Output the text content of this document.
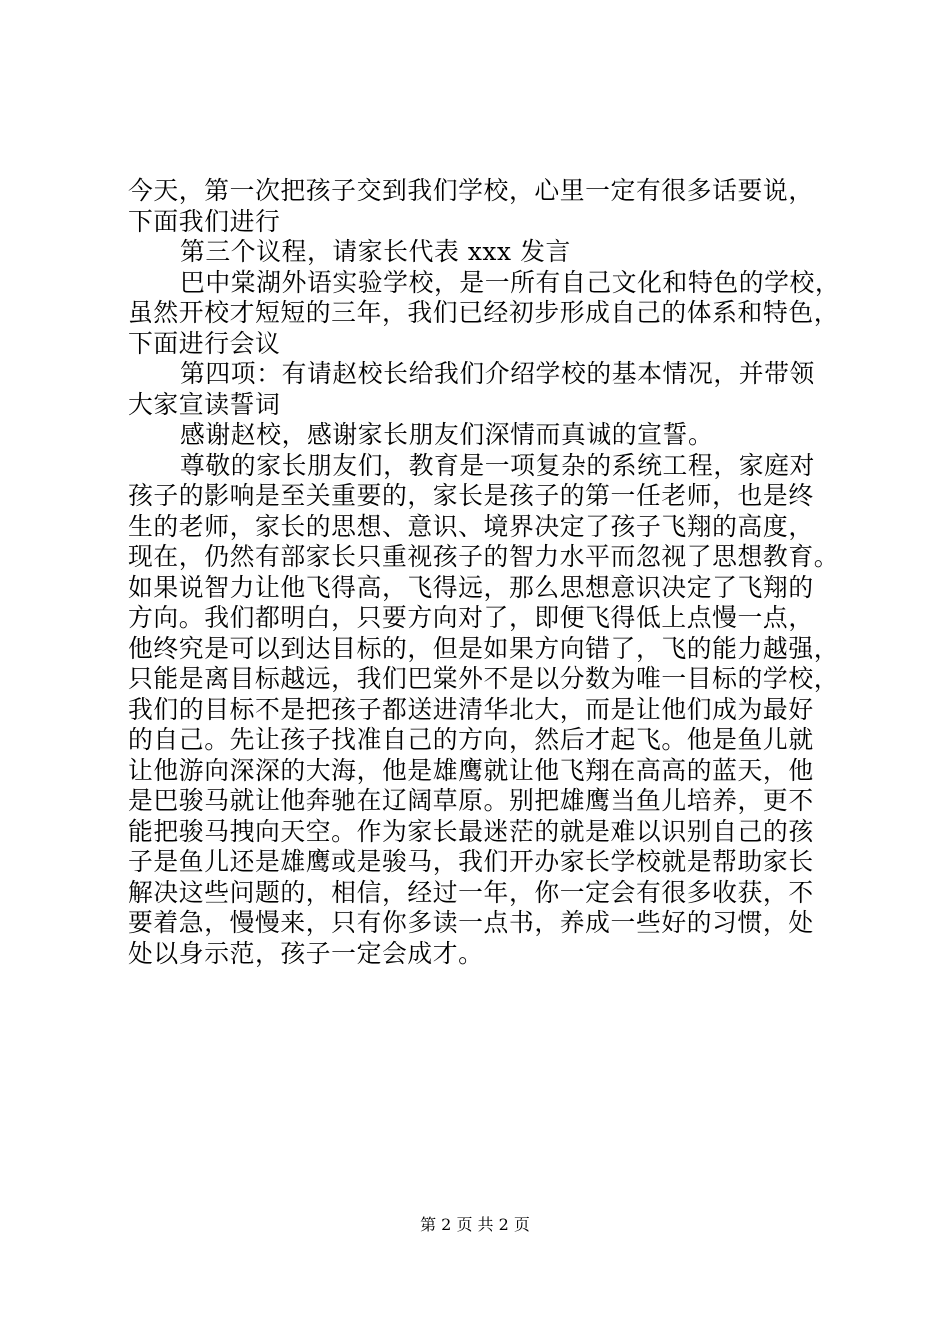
今天，第一次把孩子交到我们学校，心里一定有很多话要说，
下面我们进行
第三个议程，请家长代表 xxx 发言
巴中棠湖外语实验学校，是一所有自己文化和特色的学校，
虽然开校才短短的三年，我们已经初步形成自己的体系和特色，
下面进行会议
第四项：有请赵校长给我们介绍学校的基本情况，并带领
大家宣读誓词
感谢赵校，感谢家长朋友们深情而真诚的宣誓。
尊敬的家长朋友们，教育是一项复杂的系统工程，家庭对
孩子的影响是至关重要的，家长是孩子的第一任老师，也是终
生的老师，家长的思想、意识、境界决定了孩子飞翔的高度，
现在，仍然有部家长只重视孩子的智力水平而忽视了思想教育。
如果说智力让他飞得高，飞得远，那么思想意识决定了飞翔的
方向。我们都明白，只要方向对了，即便飞得低上点慢一点，
他终究是可以到达目标的，但是如果方向错了，飞的能力越强，
只能是离目标越远，我们巴棠外不是以分数为唯一目标的学校，
我们的目标不是把孩子都送进清华北大，而是让他们成为最好
的自己。先让孩子找准自己的方向，然后才起飞。他是鱼儿就
让他游向深深的大海，他是雄鹰就让他飞翔在高高的蓝天，他
是巴骏马就让他奔驰在辽阔草原。别把雄鹰当鱼儿培养，更不
能把骏马拽向天空。作为家长最迷茫的就是难以识别自己的孩
子是鱼儿还是雄鹰或是骏马，我们开办家长学校就是帮助家长
解决这些问题的，相信，经过一年，你一定会有很多收获，不
要着急，慢慢来，只有你多读一点书，养成一些好的习惯，处
处以身示范，孩子一定会成才。
第 2 页 共 2 页
